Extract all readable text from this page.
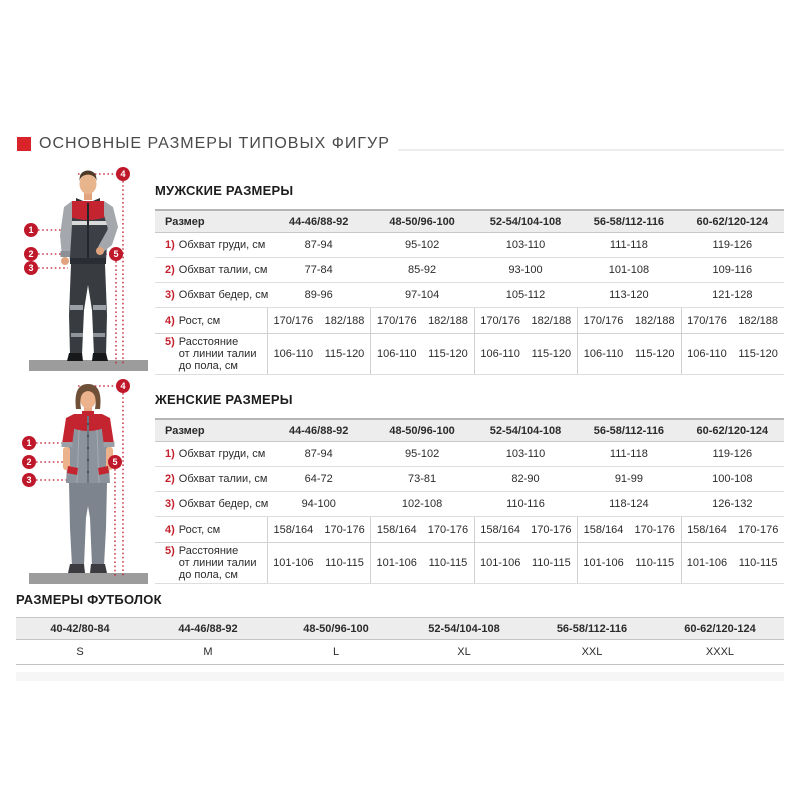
ОСНОВНЫЕ РАЗМЕРЫ ТИПОВЫХ ФИГУР
1
2
3
4
5
МУЖСКИЕ РАЗМЕРЫ
Размер	44-46/88-92	48-50/96-100	52-54/104-108	56-58/112-116	60-62/120-124
1) Обхват груди, см	87-94	95-102	103-110	111-118	119-126
2) Обхват талии, см	77-84	85-92	93-100	101-108	109-116
3) Обхват бедер, см	89-96	97-104	105-112	113-120	121-128
4) Рост, см	170/176	182/188	170/176	182/188	170/176	182/188	170/176	182/188	170/176	182/188
5) Расстояние
от линии талии
до пола, см
106-110	115-120	106-110	115-120	106-110	115-120	106-110	115-120	106-110	115-120
1
2
3
4
5
ЖЕНСКИЕ РАЗМЕРЫ
Размер	44-46/88-92	48-50/96-100	52-54/104-108	56-58/112-116	60-62/120-124
1) Обхват груди, см	87-94	95-102	103-110	111-118	119-126
2) Обхват талии, см	64-72	73-81	82-90	91-99	100-108
3) Обхват бедер, см	94-100	102-108	110-116	118-124	126-132
4) Рост, см	158/164	170-176	158/164	170-176	158/164	170-176	158/164	170-176	158/164	170-176
5) Расстояние
от линии талии
до пола, см
101-106	110-115	101-106	110-115	101-106	110-115	101-106	110-115	101-106	110-115
РАЗМЕРЫ ФУТБОЛОК
40-42/80-84	44-46/88-92	48-50/96-100	52-54/104-108	56-58/112-116	60-62/120-124
S	M	L	XL	XXL	XXXL
